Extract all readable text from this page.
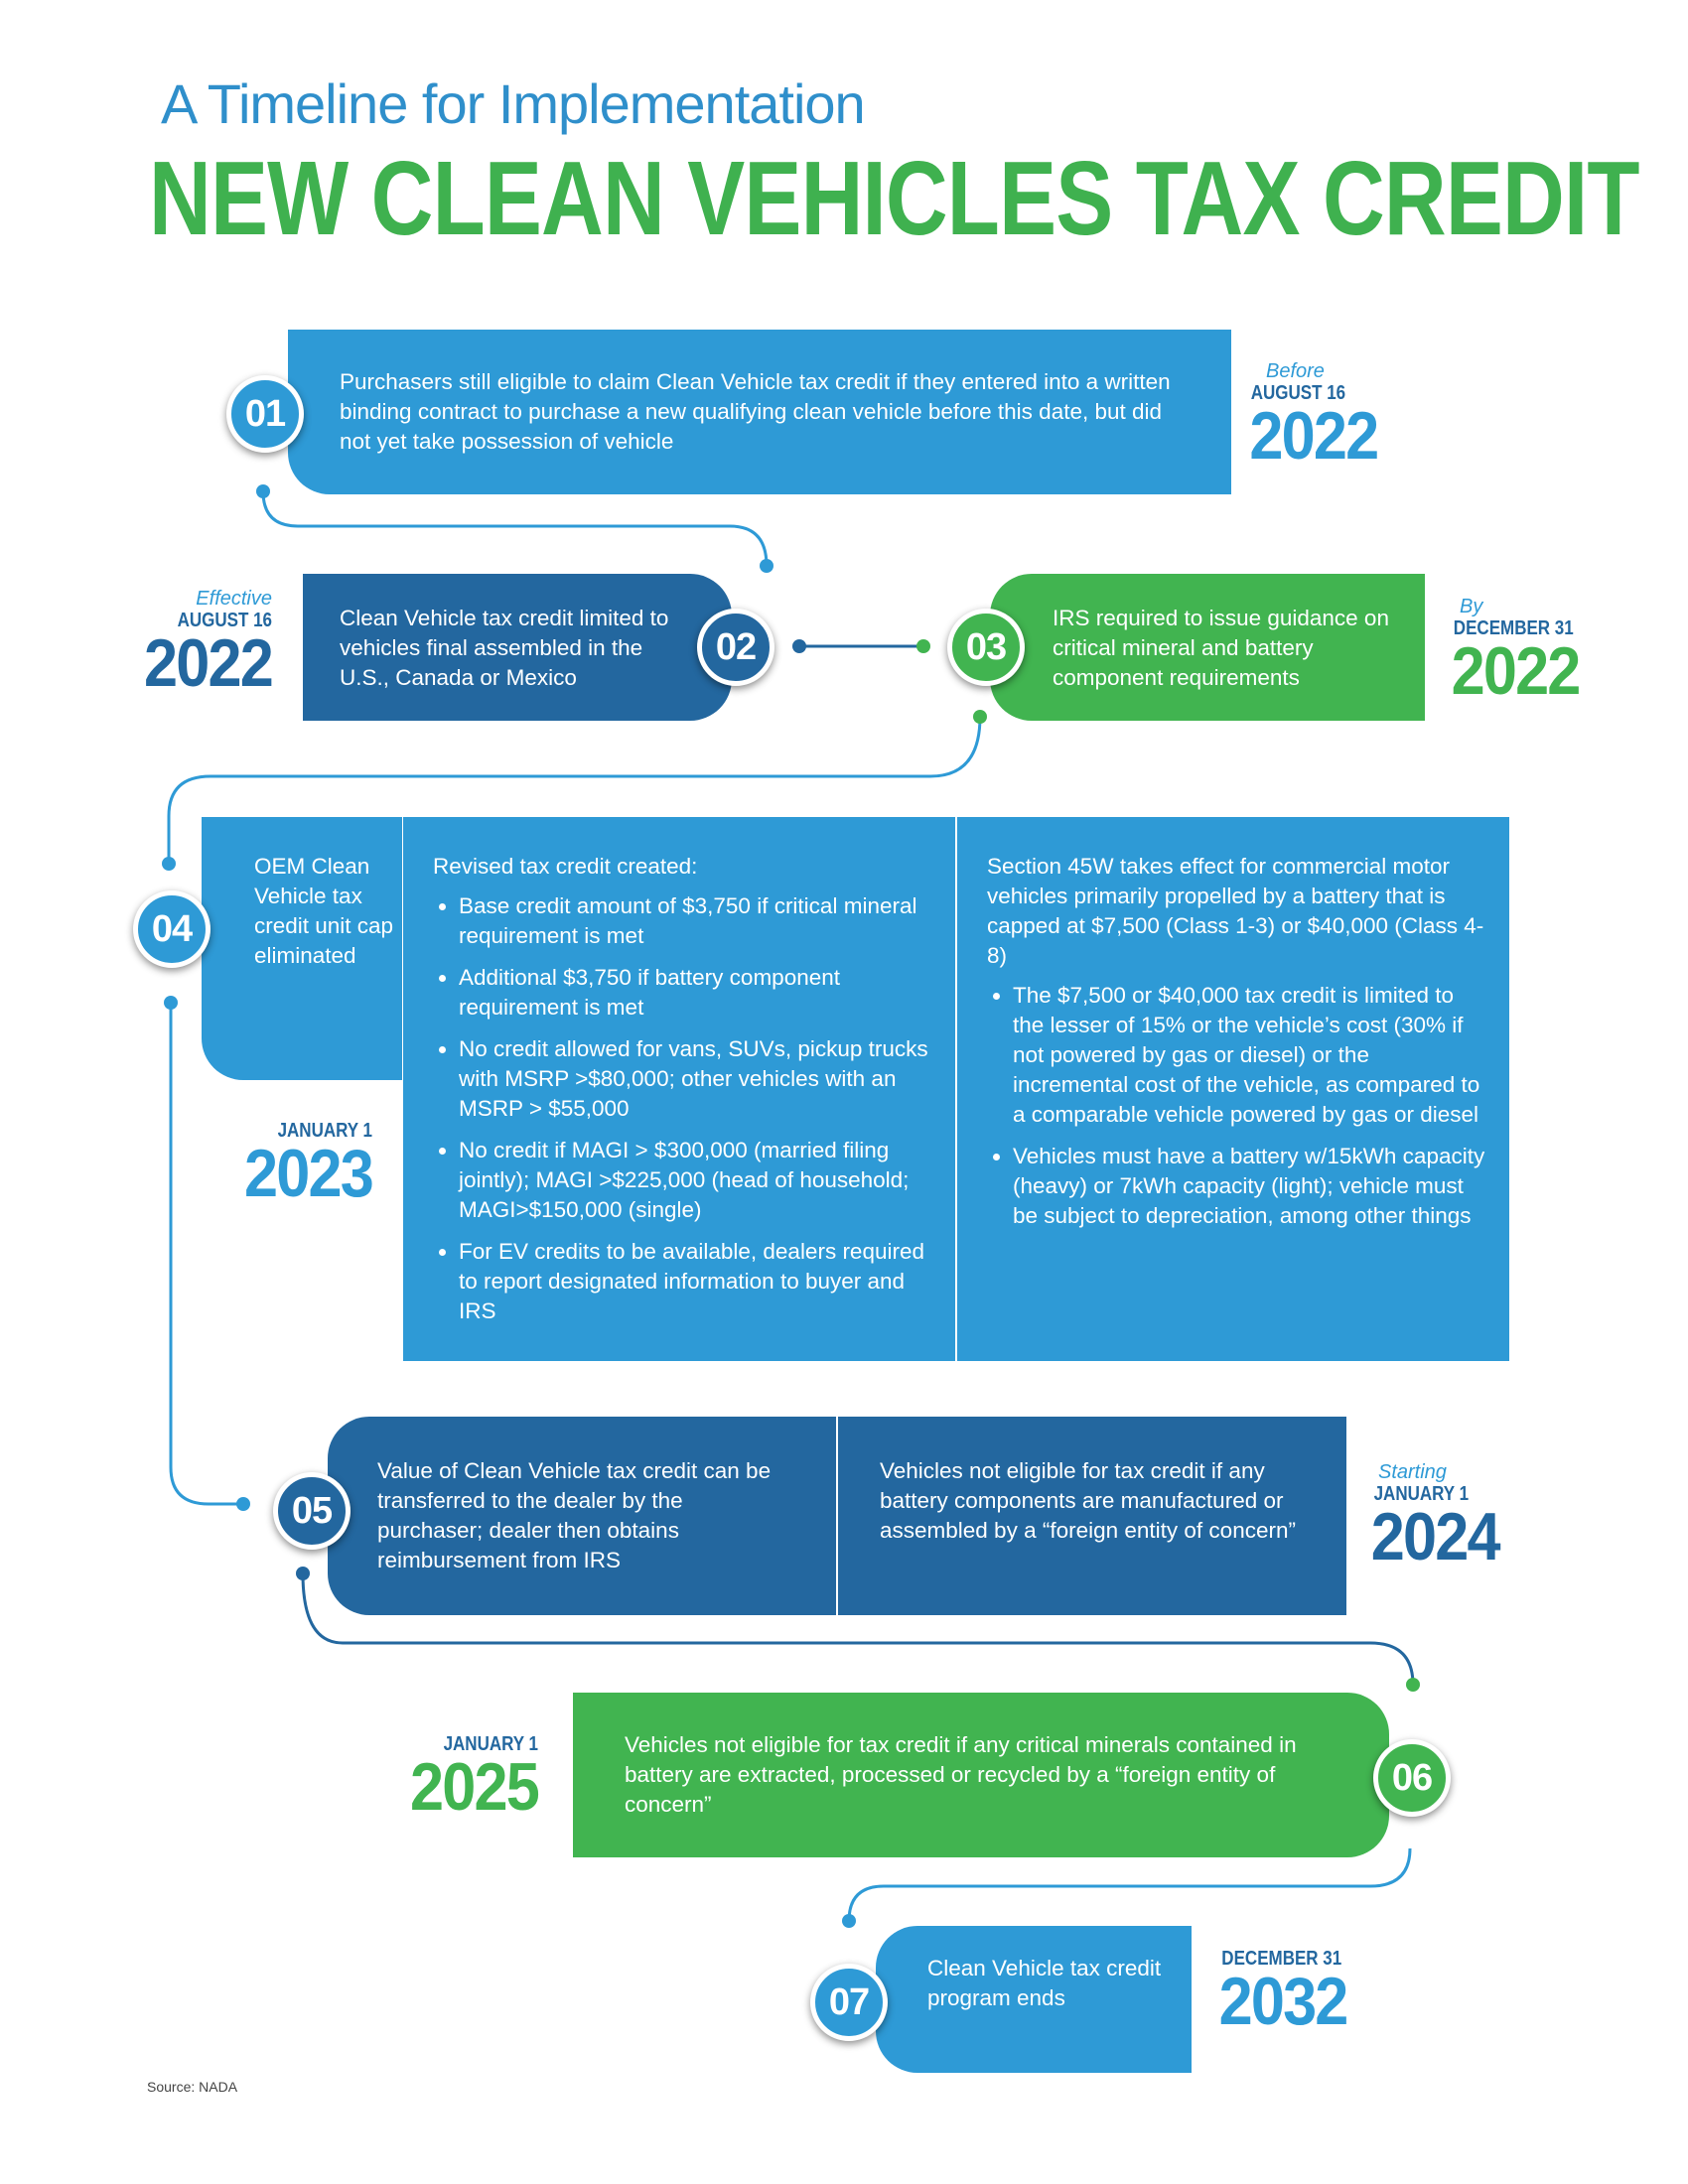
A Timeline for Implementation
NEW CLEAN VEHICLES TAX CREDIT
Purchasers still eligible to claim Clean Vehicle tax credit if they entered into a written binding contract to purchase a new qualifying clean vehicle before this date, but did not yet take possession of vehicle
01
Before
AUGUST 16
2022
Clean Vehicle tax credit limited to vehicles final assembled in the U.S., Canada or Mexico
02
Effective
AUGUST 16
2022
IRS required to issue guidance on critical mineral and battery component requirements
03
By
DECEMBER 31
2022
OEM Clean Vehicle tax credit unit cap eliminated
Revised tax credit created:
• Base credit amount of $3,750 if critical mineral requirement is met
• Additional $3,750 if battery component requirement is met
• No credit allowed for vans, SUVs, pickup trucks with MSRP >$80,000; other vehicles with an MSRP > $55,000
• No credit if MAGI > $300,000 (married filing jointly); MAGI >$225,000 (head of household; MAGI>$150,000 (single)
• For EV credits to be available, dealers required to report designated information to buyer and IRS
Section 45W takes effect for commercial motor vehicles primarily propelled by a battery that is capped at $7,500 (Class 1-3) or $40,000 (Class 4-8)
• The $7,500 or $40,000 tax credit is limited to the lesser of 15% or the vehicle’s cost (30% if not powered by gas or diesel) or the incremental cost of the vehicle, as compared to a comparable vehicle powered by gas or diesel
• Vehicles must have a battery w/15kWh capacity (heavy) or 7kWh capacity (light); vehicle must be subject to depreciation, among other things
04
JANUARY 1
2023
Value of Clean Vehicle tax credit can be transferred to the dealer by the purchaser; dealer then obtains reimbursement from IRS
Vehicles not eligible for tax credit if any battery components are manufactured or assembled by a “foreign entity of concern”
05
Starting
JANUARY 1
2024
Vehicles not eligible for tax credit if any critical minerals contained in battery are extracted, processed or recycled by a “foreign entity of concern”
06
JANUARY 1
2025
Clean Vehicle tax credit program ends
07
DECEMBER 31
2032
Source: NADA
